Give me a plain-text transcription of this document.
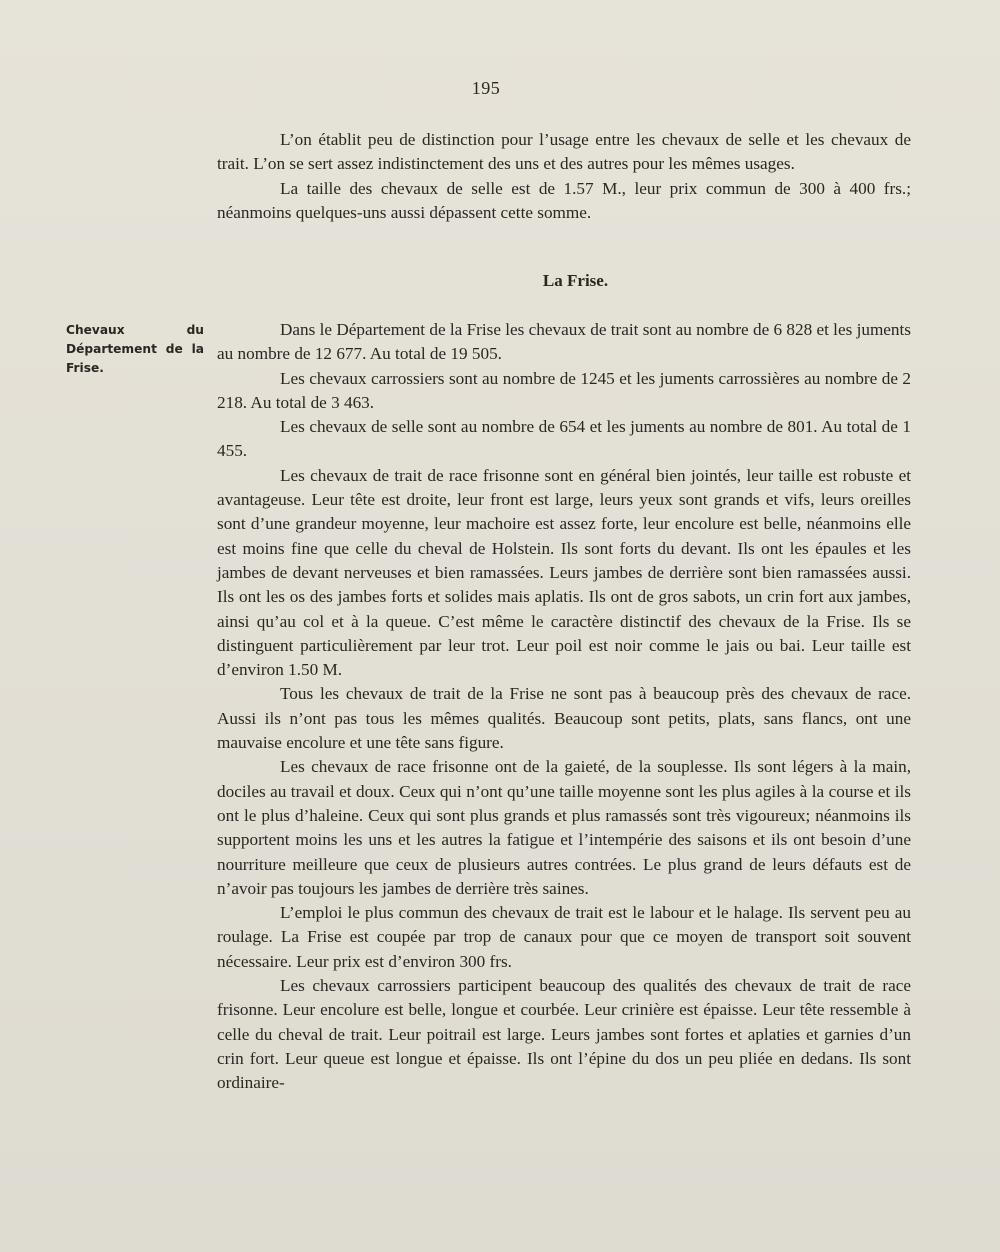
195

L’on établit peu de distinction pour l’usage entre les chevaux de selle et les chevaux de trait. L’on se sert assez indistinctement des uns et des autres pour les mêmes usages.

La taille des chevaux de selle est de 1.57 M., leur prix commun de 300 à 400 frs.; néanmoins quelques-uns aussi dépassent cette somme.

La Frise.
Chevaux du Département de la Frise.

Dans le Département de la Frise les chevaux de trait sont au nombre de 6 828 et les juments au nombre de 12 677. Au total de 19 505.

Les chevaux carrossiers sont au nombre de 1245 et les juments carrossières au nombre de 2 218. Au total de 3 463.

Les chevaux de selle sont au nombre de 654 et les juments au nombre de 801. Au total de 1 455.

Les chevaux de trait de race frisonne sont en général bien jointés, leur taille est robuste et avantageuse. Leur tête est droite, leur front est large, leurs yeux sont grands et vifs, leurs oreilles sont d’une grandeur moyenne, leur machoire est assez forte, leur encolure est belle, néanmoins elle est moins fine que celle du cheval de Holstein. Ils sont forts du devant. Ils ont les épaules et les jambes de devant nerveuses et bien ramassées. Leurs jambes de derrière sont bien ramassées aussi. Ils ont les os des jambes forts et solides mais aplatis. Ils ont de gros sabots, un crin fort aux jambes, ainsi qu’au col et à la queue. C’est même le caractère distinctif des chevaux de la Frise. Ils se distinguent particulièrement par leur trot. Leur poil est noir comme le jais ou bai. Leur taille est d’environ 1.50 M.

Tous les chevaux de trait de la Frise ne sont pas à beaucoup près des chevaux de race. Aussi ils n’ont pas tous les mêmes qualités. Beaucoup sont petits, plats, sans flancs, ont une mauvaise encolure et une tête sans figure.

Les chevaux de race frisonne ont de la gaieté, de la souplesse. Ils sont légers à la main, dociles au travail et doux. Ceux qui n’ont qu’une taille moyenne sont les plus agiles à la course et ils ont le plus d’haleine. Ceux qui sont plus grands et plus ramassés sont très vigoureux; néanmoins ils supportent moins les uns et les autres la fatigue et l’intempérie des saisons et ils ont besoin d’une nourriture meilleure que ceux de plusieurs autres contrées. Le plus grand de leurs défauts est de n’avoir pas toujours les jambes de derrière très saines.

L’emploi le plus commun des chevaux de trait est le labour et le halage. Ils servent peu au roulage. La Frise est coupée par trop de canaux pour que ce moyen de transport soit souvent nécessaire. Leur prix est d’environ 300 frs.

Les chevaux carrossiers participent beaucoup des qualités des chevaux de trait de race frisonne. Leur encolure est belle, longue et courbée. Leur crinière est épaisse. Leur tête ressemble à celle du cheval de trait. Leur poitrail est large. Leurs jambes sont fortes et aplaties et garnies d’un crin fort. Leur queue est longue et épaisse. Ils ont l’épine du dos un peu pliée en dedans. Ils sont ordinaire-
